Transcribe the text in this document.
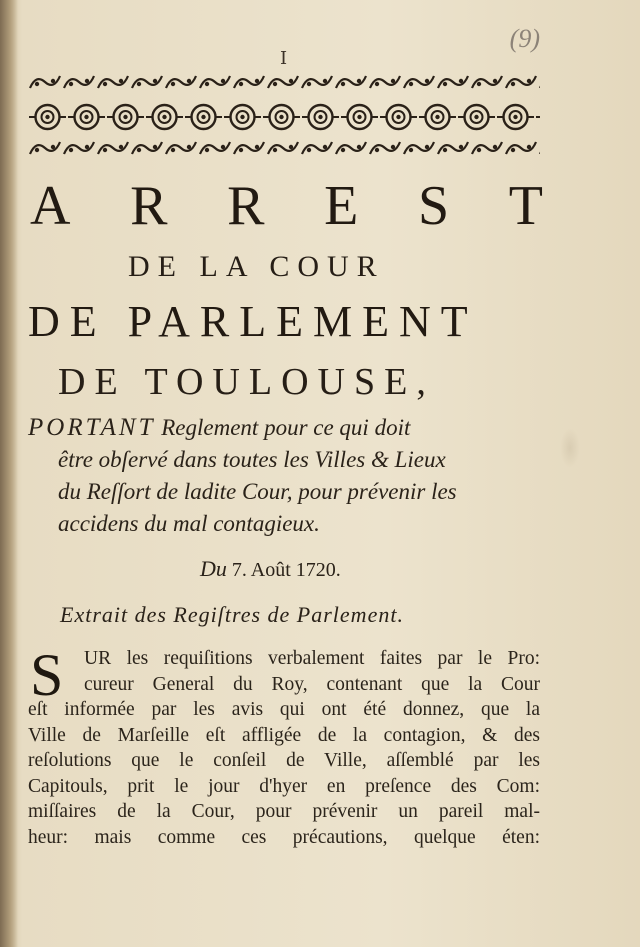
I
(9)
A R R E S T
DE LA COUR
DE PARLEMENT
DE TOULOUSE,
PORTANT Reglement pour ce qui doit
être obſervé dans toutes les Villes & Lieux
du Reſſort de ladite Cour, pour prévenir les
accidens du mal contagieux.
Du 7. Août 1720.
Extrait des Regiſtres de Parlement.
S	UR les requiſitions verbalement faites par le Pro:
cureur General du Roy, contenant que la Cour
eſt informée par les avis qui ont été donnez, que la
Ville de Marſeille eſt affligée de la contagion, & des
reſolutions que le conſeil de Ville, aſſemblé par les
Capitouls, prit le jour d'hyer en preſence des Com:
miſſaires de la Cour, pour prévenir un pareil mal-
heur: mais comme ces précautions, quelque éten:
